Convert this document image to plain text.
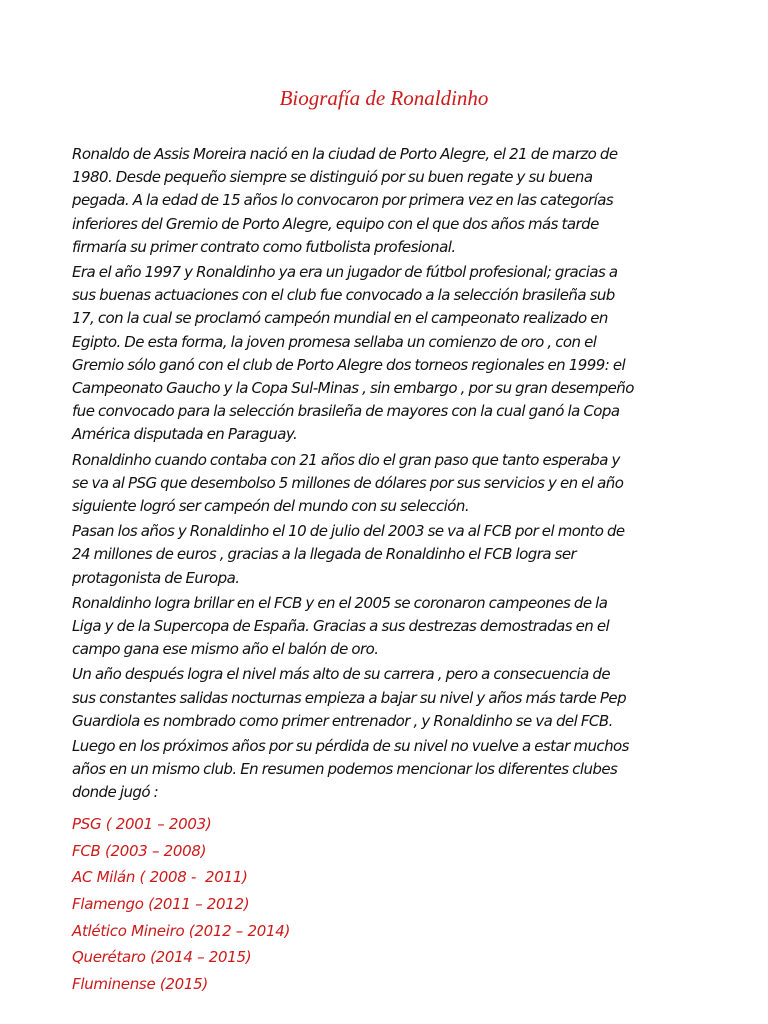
Biografía de Ronaldinho

Ronaldo de Assis Moreira nació en la ciudad de Porto Alegre, el 21 de marzo de
1980. Desde pequeño siempre se distinguió por su buen regate y su buena
pegada. A la edad de 15 años lo convocaron por primera vez en las categorías
inferiores del Gremio de Porto Alegre, equipo con el que dos años más tarde
firmaría su primer contrato como futbolista profesional.

Era el año 1997 y Ronaldinho ya era un jugador de fútbol profesional; gracias a
sus buenas actuaciones con el club fue convocado a la selección brasileña sub
17, con la cual se proclamó campeón mundial en el campeonato realizado en
Egipto. De esta forma, la joven promesa sellaba un comienzo de oro , con el
Gremio sólo ganó con el club de Porto Alegre dos torneos regionales en 1999: el
Campeonato Gaucho y la Copa Sul-Minas , sin embargo , por su gran desempeño
fue convocado para la selección brasileña de mayores con la cual ganó la Copa
América disputada en Paraguay.

Ronaldinho cuando contaba con 21 años dio el gran paso que tanto esperaba y
se va al PSG que desembolso 5 millones de dólares por sus servicios y en el año
siguiente logró ser campeón del mundo con su selección.

Pasan los años y Ronaldinho el 10 de julio del 2003 se va al FCB por el monto de
24 millones de euros , gracias a la llegada de Ronaldinho el FCB logra ser
protagonista de Europa.

Ronaldinho logra brillar en el FCB y en el 2005 se coronaron campeones de la
Liga y de la Supercopa de España. Gracias a sus destrezas demostradas en el
campo gana ese mismo año el balón de oro.

Un año después logra el nivel más alto de su carrera , pero a consecuencia de
sus constantes salidas nocturnas empieza a bajar su nivel y años más tarde Pep
Guardiola es nombrado como primer entrenador , y Ronaldinho se va del FCB.

Luego en los próximos años por su pérdida de su nivel no vuelve a estar muchos
años en un mismo club. En resumen podemos mencionar los diferentes clubes
donde jugó :

PSG ( 2001 – 2003)
FCB (2003 – 2008)
AC Milán ( 2008 -  2011)
Flamengo (2011 – 2012)
Atlético Mineiro (2012 – 2014)
Querétaro (2014 – 2015)
Fluminense (2015)
